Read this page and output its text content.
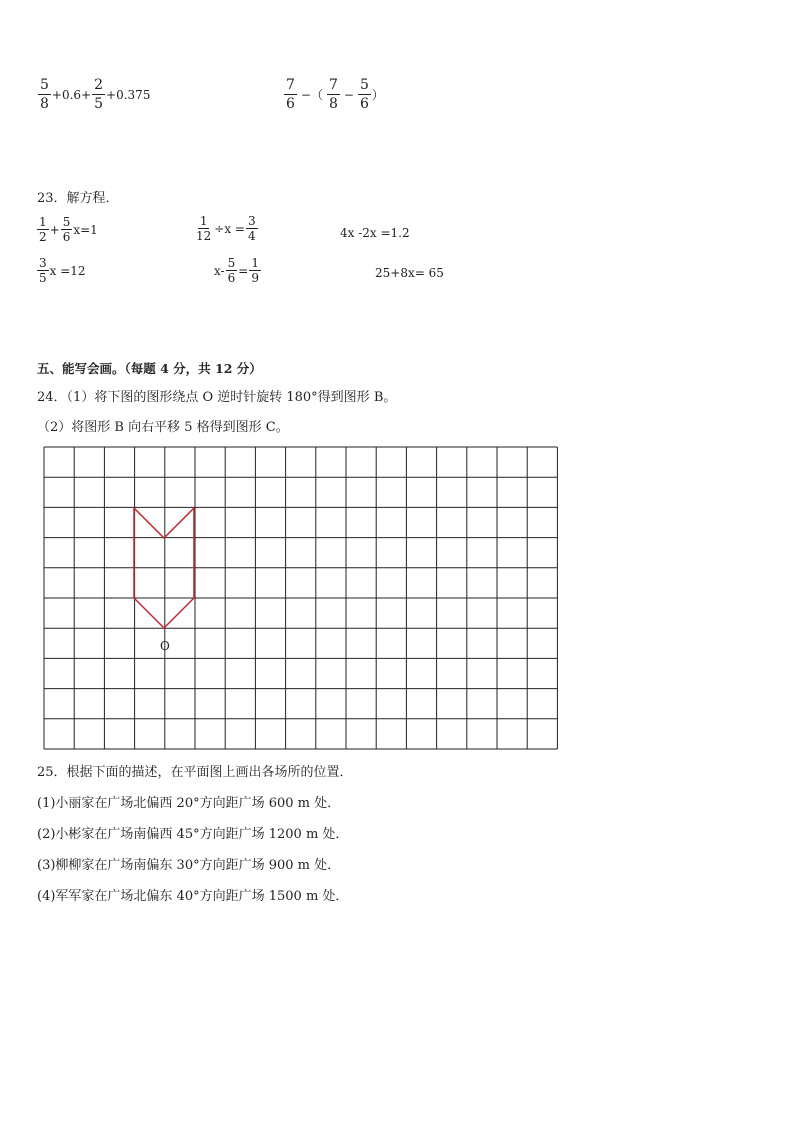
$\frac{5}{8} +0.6+ \frac{2}{5} +0.375$	$\frac{7}{6}$ −（ $\frac{7}{8} - \frac{5}{6}$ ）
23．解方程．
$\frac{1}{2} + \frac{5}{6} x=1$	$\frac{1}{12} \div x = \frac{3}{4}$	4x -2x =1.2
$\frac{3}{5}$ x =12	$x- \frac{5}{6} = \frac{1}{9}$	25+8x= 65
五、能写会画。（每题 4 分，共 12 分）
24．（1）将下图的图形绕点 O 逆时针旋转 180°得到图形 B。
（2）将图形 B 向右平移 5 格得到图形 C。
O
25．根据下面的描述，在平面图上画出各场所的位置．
(1)小丽家在广场北偏西 20°方向距广场 600 m 处．
(2)小彬家在广场南偏西 45°方向距广场 1200 m 处．
(3)柳柳家在广场南偏东 30°方向距广场 900 m 处．
(4)军军家在广场北偏东 40°方向距广场 1500 m 处．
